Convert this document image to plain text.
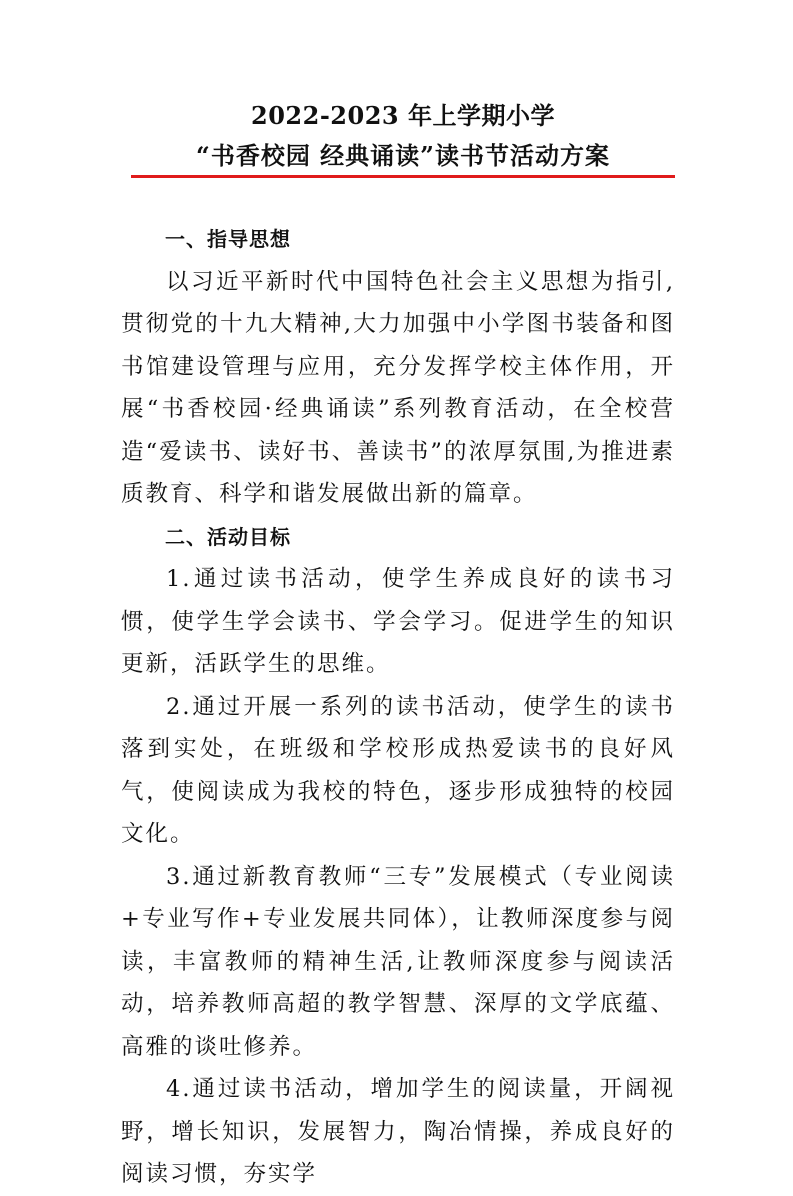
2022-2023 年上学期小学
“书香校园 经典诵读”读书节活动方案
一、指导思想

以习近平新时代中国特色社会主义思想为指引,贯彻党的十九大精神,大力加强中小学图书装备和图书馆建设管理与应用，充分发挥学校主体作用，开展“书香校园·经典诵读”系列教育活动，在全校营造“爱读书、读好书、善读书”的浓厚氛围,为推进素质教育、科学和谐发展做出新的篇章。

二、活动目标

1.通过读书活动，使学生养成良好的读书习惯，使学生学会读书、学会学习。促进学生的知识更新，活跃学生的思维。

2.通过开展一系列的读书活动，使学生的读书落到实处，在班级和学校形成热爱读书的良好风气，使阅读成为我校的特色，逐步形成独特的校园文化。

3.通过新教育教师“三专”发展模式（专业阅读+专业写作+专业发展共同体），让教师深度参与阅读，丰富教师的精神生活,让教师深度参与阅读活动，培养教师高超的教学智慧、深厚的文学底蕴、高雅的谈吐修养。

4.通过读书活动，增加学生的阅读量，开阔视野，增长知识，发展智力，陶冶情操，养成良好的阅读习惯，夯实学
